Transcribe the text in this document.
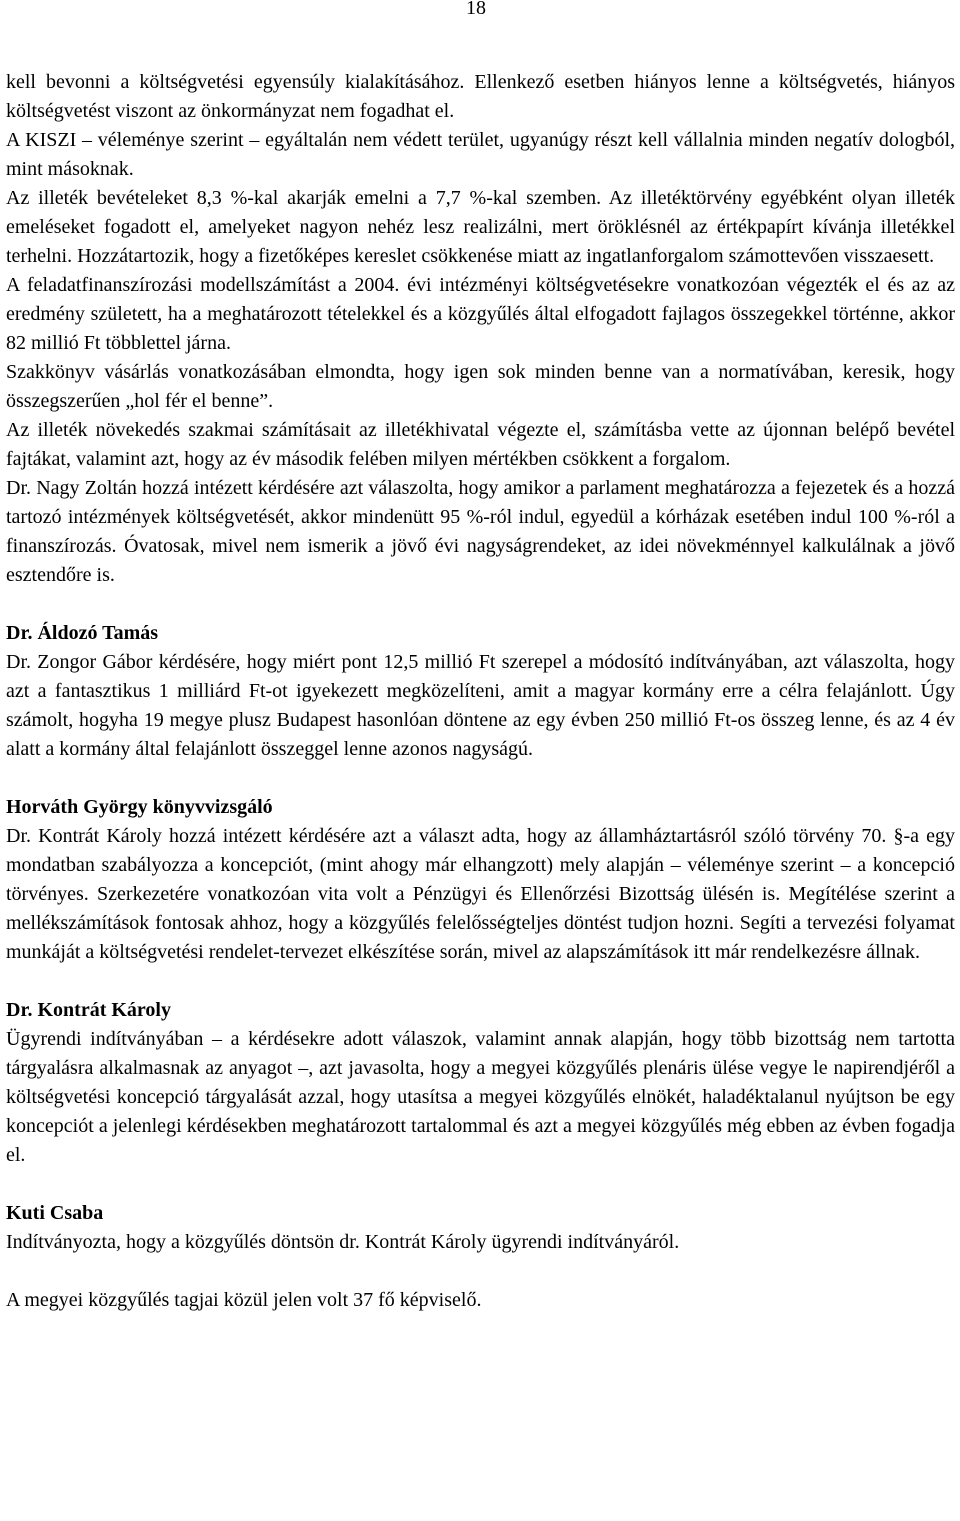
18

kell bevonni a költségvetési egyensúly kialakításához. Ellenkező esetben hiányos lenne a költségvetés, hiányos költségvetést viszont az önkormányzat nem fogadhat el.

A KISZI – véleménye szerint – egyáltalán nem védett terület, ugyanúgy részt kell vállalnia minden negatív dologból, mint másoknak.

Az illeték bevételeket 8,3 %-kal akarják emelni a 7,7 %-kal szemben. Az illetéktörvény egyébként olyan illeték emeléseket fogadott el, amelyeket nagyon nehéz lesz realizálni, mert öröklésnél az értékpapírt kívánja illetékkel terhelni. Hozzátartozik, hogy a fizetőképes kereslet csökkenése miatt az ingatlanforgalom számottevően visszaesett.

A feladatfinanszírozási modellszámítást a 2004. évi intézményi költségvetésekre vonatkozóan végezték el és az az eredmény született, ha a meghatározott tételekkel és a közgyűlés által elfogadott fajlagos összegekkel történne, akkor 82 millió Ft többlettel járna.

Szakkönyv vásárlás vonatkozásában elmondta, hogy igen sok minden benne van a normatívában, keresik, hogy összegszerűen „hol fér el benne”.

Az illeték növekedés szakmai számításait az illetékhivatal végezte el, számításba vette az újonnan belépő bevétel fajtákat, valamint azt, hogy az év második felében milyen mértékben csökkent a forgalom.

Dr. Nagy Zoltán hozzá intézett kérdésére azt válaszolta, hogy amikor a parlament meghatározza a fejezetek és a hozzá tartozó intézmények költségvetését, akkor mindenütt 95 %-ról indul, egyedül a kórházak esetében indul 100 %-ról a finanszírozás. Óvatosak, mivel nem ismerik a jövő évi nagyságrendeket, az idei növekménnyel kalkulálnak a jövő esztendőre is.

Dr. Áldozó Tamás

Dr. Zongor Gábor kérdésére, hogy miért pont 12,5 millió Ft szerepel a módosító indítványában, azt válaszolta, hogy azt a fantasztikus 1 milliárd Ft-ot igyekezett megközelíteni, amit a magyar kormány erre a célra felajánlott. Úgy számolt, hogyha 19 megye plusz Budapest hasonlóan döntene az egy évben 250 millió Ft-os összeg lenne, és az 4 év alatt a kormány által felajánlott összeggel lenne azonos nagyságú.

Horváth György könyvvizsgáló

Dr. Kontrát Károly hozzá intézett kérdésére azt a választ adta, hogy az államháztartásról szóló törvény 70. §-a egy mondatban szabályozza a koncepciót, (mint ahogy már elhangzott) mely alapján – véleménye szerint – a koncepció törvényes. Szerkezetére vonatkozóan vita volt a Pénzügyi és Ellenőrzési Bizottság ülésén is. Megítélése szerint a mellékszámítások fontosak ahhoz, hogy a közgyűlés felelősségteljes döntést tudjon hozni. Segíti a tervezési folyamat munkáját a költségvetési rendelet-tervezet elkészítése során, mivel az alapszámítások itt már rendelkezésre állnak.

Dr. Kontrát Károly

Ügyrendi indítványában – a kérdésekre adott válaszok, valamint annak alapján, hogy több bizottság nem tartotta tárgyalásra alkalmasnak az anyagot –, azt javasolta, hogy a megyei közgyűlés plenáris ülése vegye le napirendjéről a költségvetési koncepció tárgyalását azzal, hogy utasítsa a megyei közgyűlés elnökét, haladéktalanul nyújtson be egy koncepciót a jelenlegi kérdésekben meghatározott tartalommal és azt a megyei közgyűlés még ebben az évben fogadja el.

Kuti Csaba

Indítványozta, hogy a közgyűlés döntsön dr. Kontrát Károly ügyrendi indítványáról.

A megyei közgyűlés tagjai közül jelen volt 37 fő képviselő.
